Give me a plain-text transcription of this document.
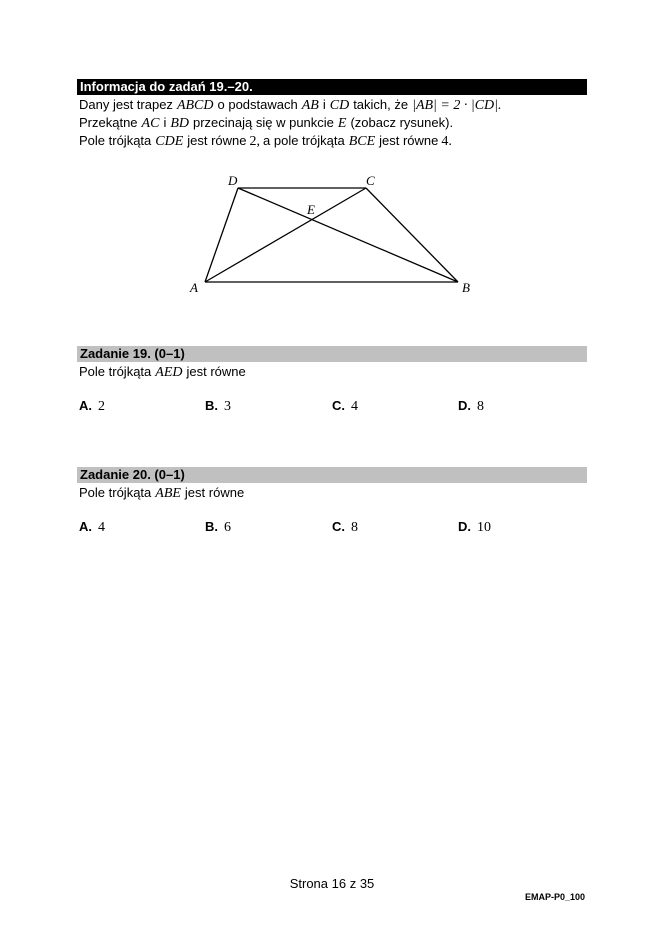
Informacja do zadań 19.–20.
Dany jest trapez ABCD o podstawach AB i CD takich, że |AB| = 2 · |CD|.
Przekątne AC i BD przecinają się w punkcie E (zobacz rysunek).
Pole trójkąta CDE jest równe 2, a pole trójkąta BCE jest równe 4.
D	C
E
A	B
Zadanie 19. (0–1)
Pole trójkąta AED jest równe
A. 2	B. 3	C. 4	D. 8
Zadanie 20. (0–1)
Pole trójkąta ABE jest równe
A. 4	B. 6	C. 8	D. 10
Strona 16 z 35
EMAP-P0_100
